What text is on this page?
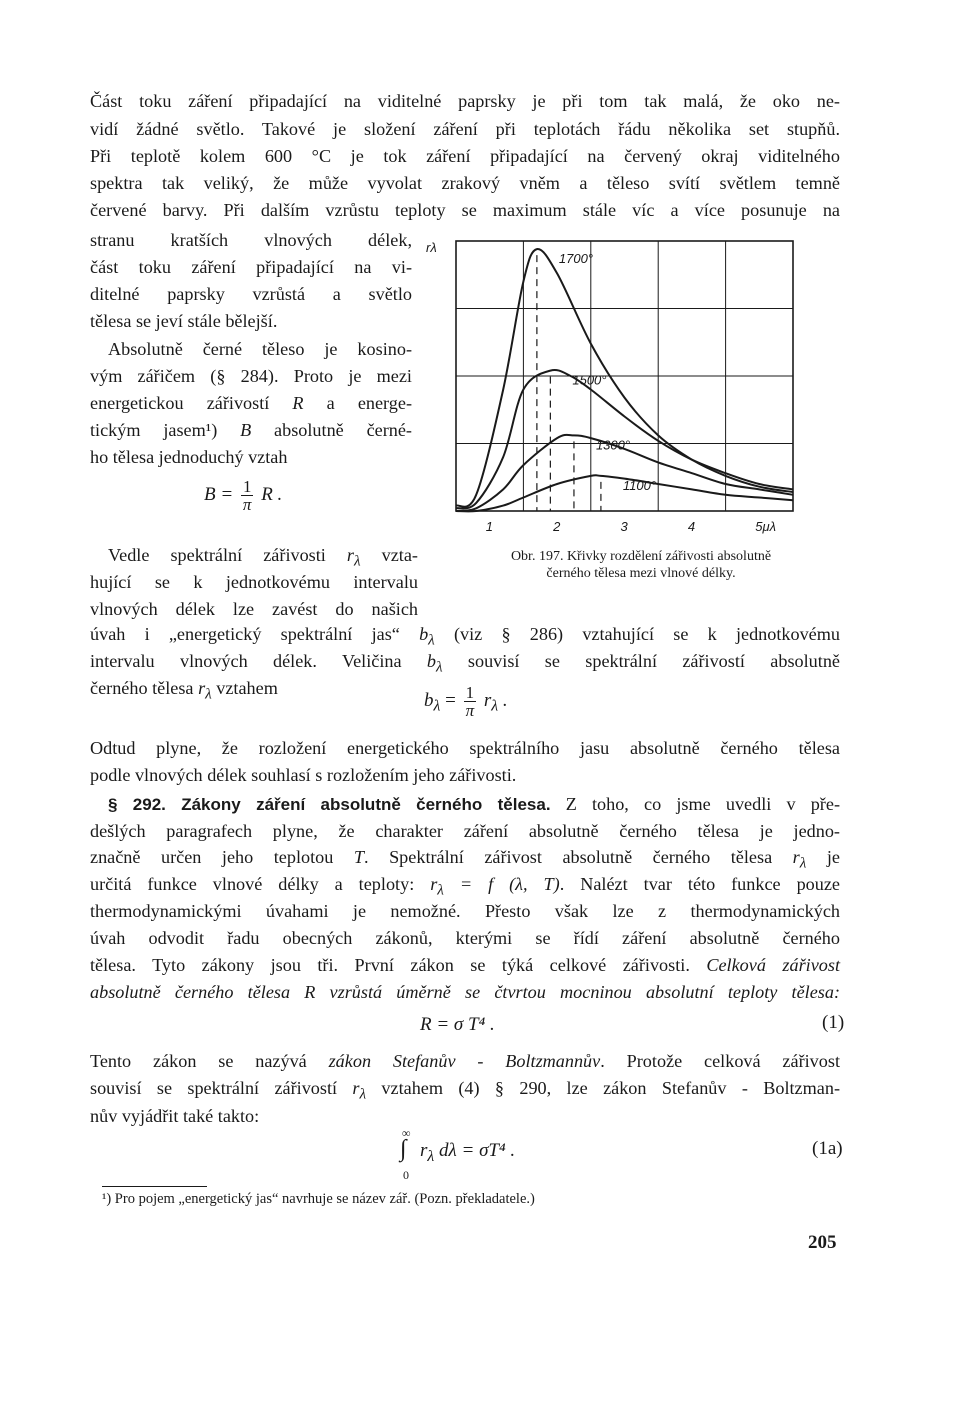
Část toku záření připadající na viditelné paprsky je při tom tak malá, že oko ne-
vidí žádné světlo. Takové je složení záření při teplotách řádu několika set stupňů.
Při teplotě kolem 600 °C je tok záření připadající na červený okraj viditelného
spektra tak veliký, že může vyvolat zrakový vněm a těleso svítí světlem temně
červené barvy. Při dalším vzrůstu teploty se maximum stále víc a více posunuje na
stranu kratších vlnových délek,
část toku záření připadající na vi-
ditelné paprsky vzrůstá a světlo
tělesa se jeví stále bělejší.
Absolutně černé těleso je kosino-
vým zářičem (§ 284). Proto je mezi
energetickou zářivostí R a energe-
tickým jasem¹) B absolutně černé-
ho tělesa jednoduchý vztah
$B = \frac{1}{\pi}$ R .
Vedle spektrální zářivosti $r_\lambda$ vzta-
hující se k jednotkovému intervalu
vlnových délek lze zavést do našich
úvah i „energetický spektrální jas“ $b_\lambda$ (viz § 286) vztahující se k jednotkovému
intervalu vlnových délek. Veličina $b_\lambda$ souvisí se spektrální zářivostí absolutně
černého tělesa $r_\lambda$ vztahem
$b_\lambda = \frac{1}{\pi} r_\lambda$ .
Odtud plyne, že rozložení energetického spektrálního jasu absolutně černého tělesa
podle vlnových délek souhlasí s rozložením jeho zářivosti.
§ 292. Zákony záření absolutně černého tělesa. Z toho, co jsme uvedli v pře-
dešlých paragrafech plyne, že charakter záření absolutně černého tělesa je jedno-
značně určen jeho teplotou T. Spektrální zářivost absolutně černého tělesa $r_\lambda$ je
určitá funkce vlnové délky a teploty: $r_\lambda = f$ (λ, T). Nalézt tvar této funkce pouze
thermodynamickými úvahami je nemožné. Přesto však lze z thermodynamických
úvah odvodit řadu obecných zákonů, kterými se řídí záření absolutně černého
tělesa. Tyto zákony jsou tři. První zákon se týká celkové zářivosti. Celková zářivost
absolutně černého tělesa R vzrůstá úměrně se čtvrtou mocninou absolutní teploty tělesa:
R = σ T⁴ .	(1)
Tento zákon se nazývá zákon Stefanův - Boltzmannův. Protože celková zářivost
souvisí se spektrální zářivostí $r_\lambda$ vztahem (4) § 290, lze zákon Stefanův - Boltzman-
nův vyjádřit také takto:
∞
∫
0
$r_\lambda$ dλ = σT⁴ .	(1a)
rλ
1700°
1500°
1300°
1100°
1	2	3	4	5μλ
Obr. 197. Křivky rozdělení zářivosti absolutně
černého tělesa mezi vlnové délky.
¹) Pro pojem „energetický jas“ navrhuje se název zář. (Pozn. překladatele.)
205
